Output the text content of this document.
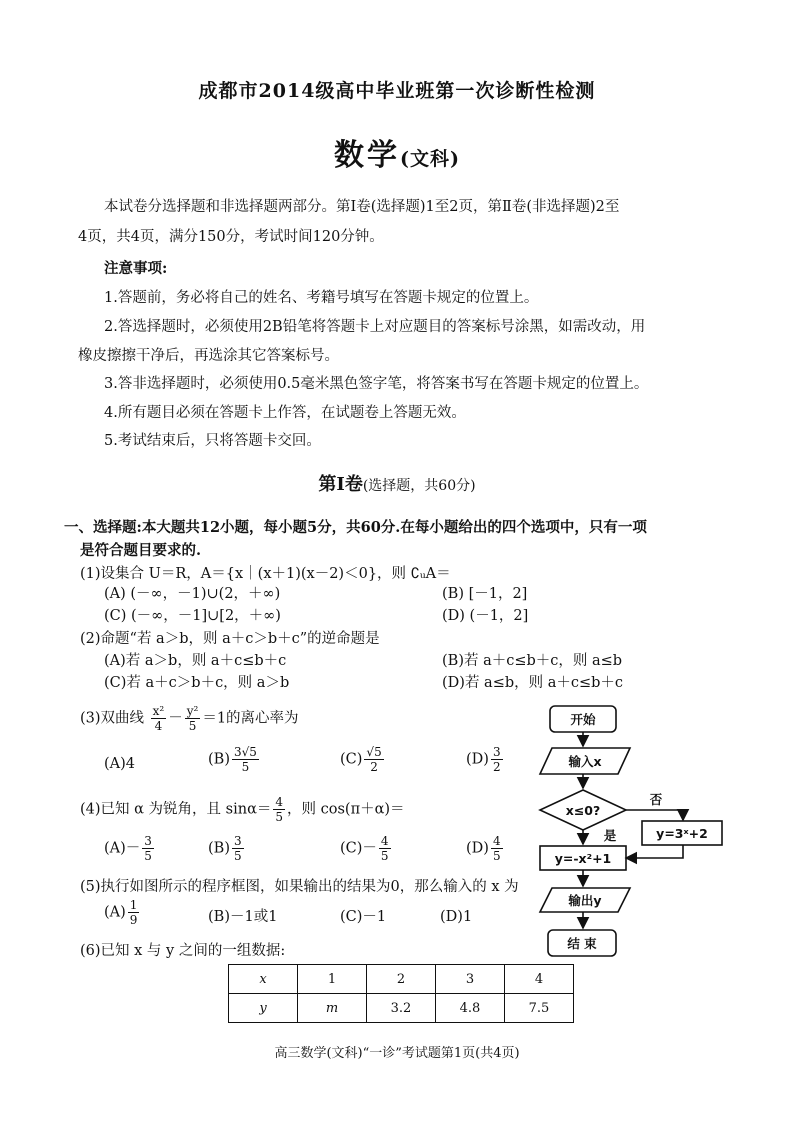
成都市2014级高中毕业班第一次诊断性检测
数学(文科)
本试卷分选择题和非选择题两部分。第Ⅰ卷(选择题)1至2页，第Ⅱ卷(非选择题)2至
4页，共4页，满分150分，考试时间120分钟。
注意事项:
1.答题前，务必将自己的姓名、考籍号填写在答题卡规定的位置上。
2.答选择题时，必须使用2B铅笔将答题卡上对应题目的答案标号涂黑，如需改动，用
橡皮擦擦干净后，再选涂其它答案标号。
3.答非选择题时，必须使用0.5毫米黑色签字笔，将答案书写在答题卡规定的位置上。
4.所有题目必须在答题卡上作答，在试题卷上答题无效。
5.考试结束后，只将答题卡交回。
第Ⅰ卷(选择题，共60分)
一、选择题:本大题共12小题，每小题5分，共60分.在每小题给出的四个选项中，只有一项
是符合题目要求的.
(1)设集合 U＝R，A＝{x｜(x＋1)(x－2)＜0}，则 ∁ᵤA＝
(A) (－∞，－1)∪(2，＋∞)	(B) [－1，2]
(C) (－∞，－1]∪[2，＋∞)	(D) (－1，2]
(2)命题“若 a＞b，则 a＋c＞b＋c”的逆命题是
(A)若 a＞b，则 a＋c≤b＋c	(B)若 a＋c≤b＋c，则 a≤b
(C)若 a＋c＞b＋c，则 a＞b	(D)若 a≤b，则 a＋c≤b＋c
(3)双曲线 $\frac{\text{x²}}{4} - \frac{\text{y²}}{5} =1$的离心率为
(A)4	$(B) \frac{3√5}{5}$	$(C) \frac{√5}{2}$	$(D) \frac{3}{2}$
(4)已知 α 为锐角，且 $\sin\alpha= \frac{4}{5}$ ，则 cos(π＋α)＝
$(A)- \frac{3}{5}$	$(B) \frac{3}{5}$	$(C)- \frac{4}{5}$	$(D) \frac{4}{5}$
(5)执行如图所示的程序框图，如果输出的结果为0，那么输入的 x 为
$(A) \frac{1}{9}$	(B)－1或1	(C)－1	(D)1
(6)已知 x 与 y 之间的一组数据:
x	1	2	3	4
y	m	3.2	4.8	7.5
开始
输入x
x≤0?
否
是	y=3ˣ+2
y=-x²+1
输出y
结 束
高三数学(文科)“一诊”考试题第1页(共4页)
